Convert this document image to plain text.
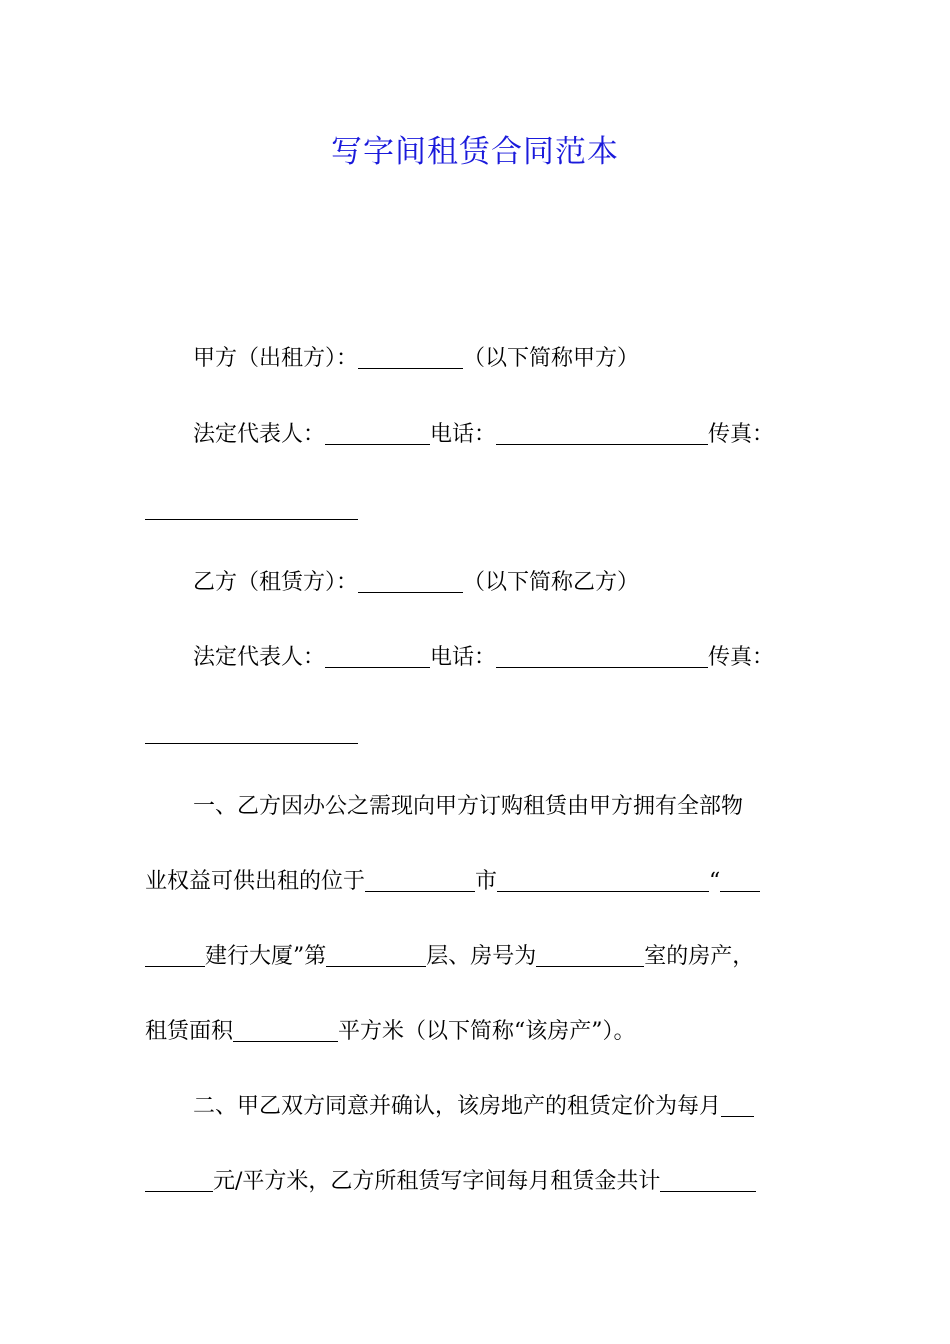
写字间租赁合同范本
甲方（出租方）：	（以下简称甲方）
法定代表人：	电话：	传真：
乙方（租赁方）：	（以下简称乙方）
法定代表人：	电话：	传真：
一、乙方因办公之需现向甲方订购租赁由甲方拥有全部物
业权益可供出租的位于	市	“
建行大厦”第	层、房号为	室的房产，
租赁面积	平方米（以下简称“该房产”）。
二、甲乙双方同意并确认，该房地产的租赁定价为每月
元/平方米，乙方所租赁写字间每月租赁金共计
